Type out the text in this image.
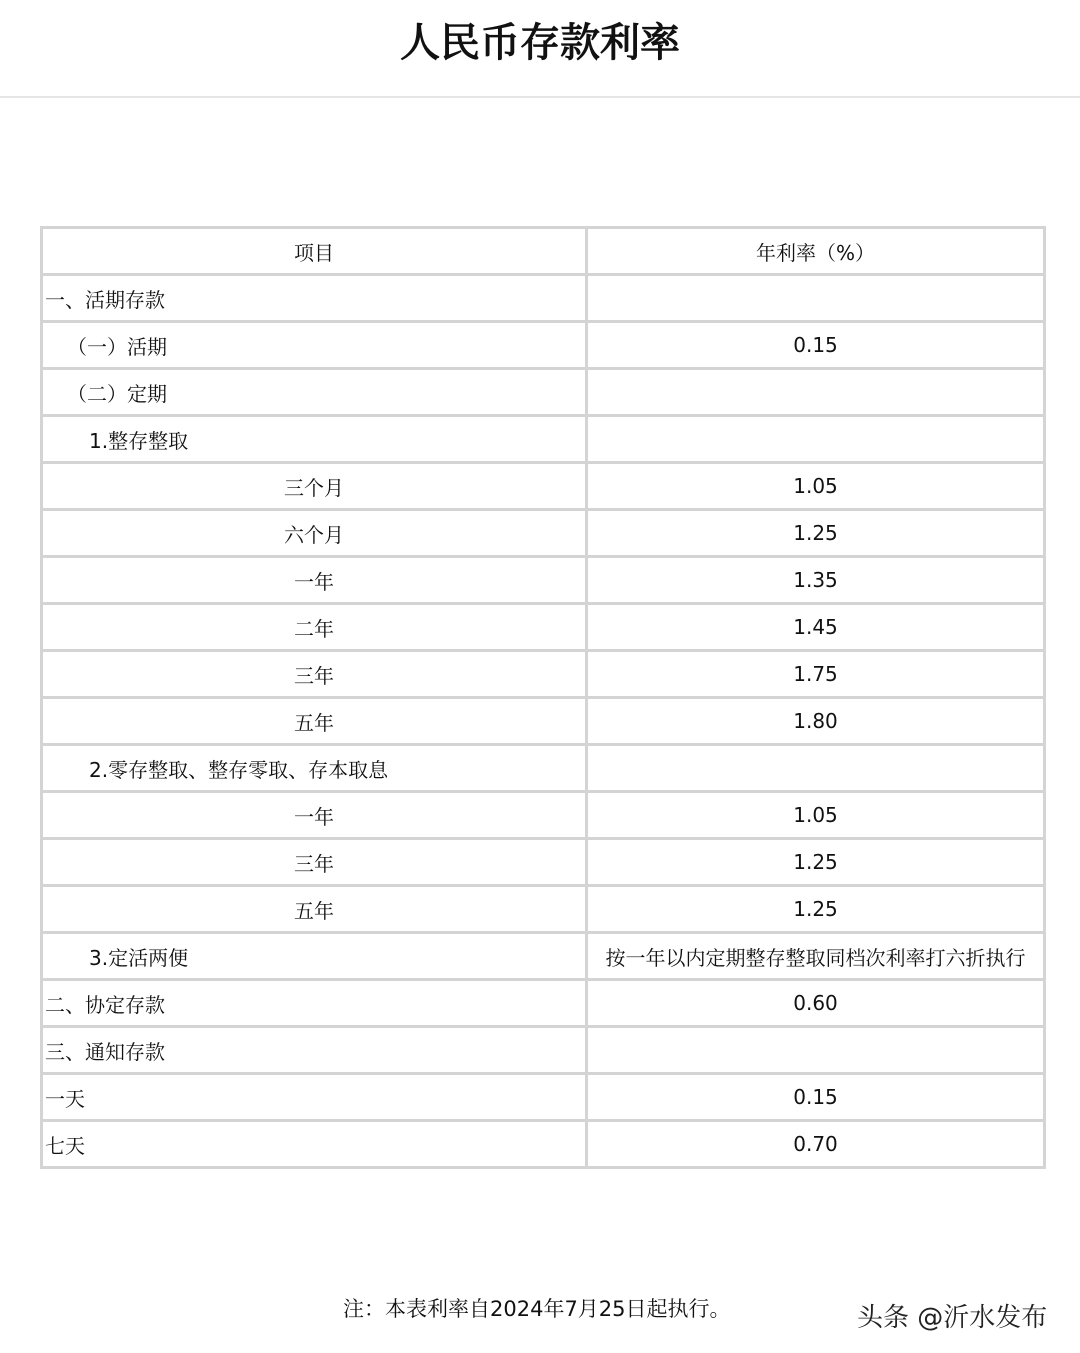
人民币存款利率
项目	年利率（%）
一、活期存款	
（一）活期	0.15
（二）定期	
1.整存整取	
三个月	1.05
六个月	1.25
一年	1.35
二年	1.45
三年	1.75
五年	1.80
2.零存整取、整存零取、存本取息	
一年	1.05
三年	1.25
五年	1.25
3.定活两便	按一年以内定期整存整取同档次利率打六折执行
二、协定存款	0.60
三、通知存款	
一天	0.15
七天	0.70
注：本表利率自2024年7月25日起执行。	头条 @沂水发布
